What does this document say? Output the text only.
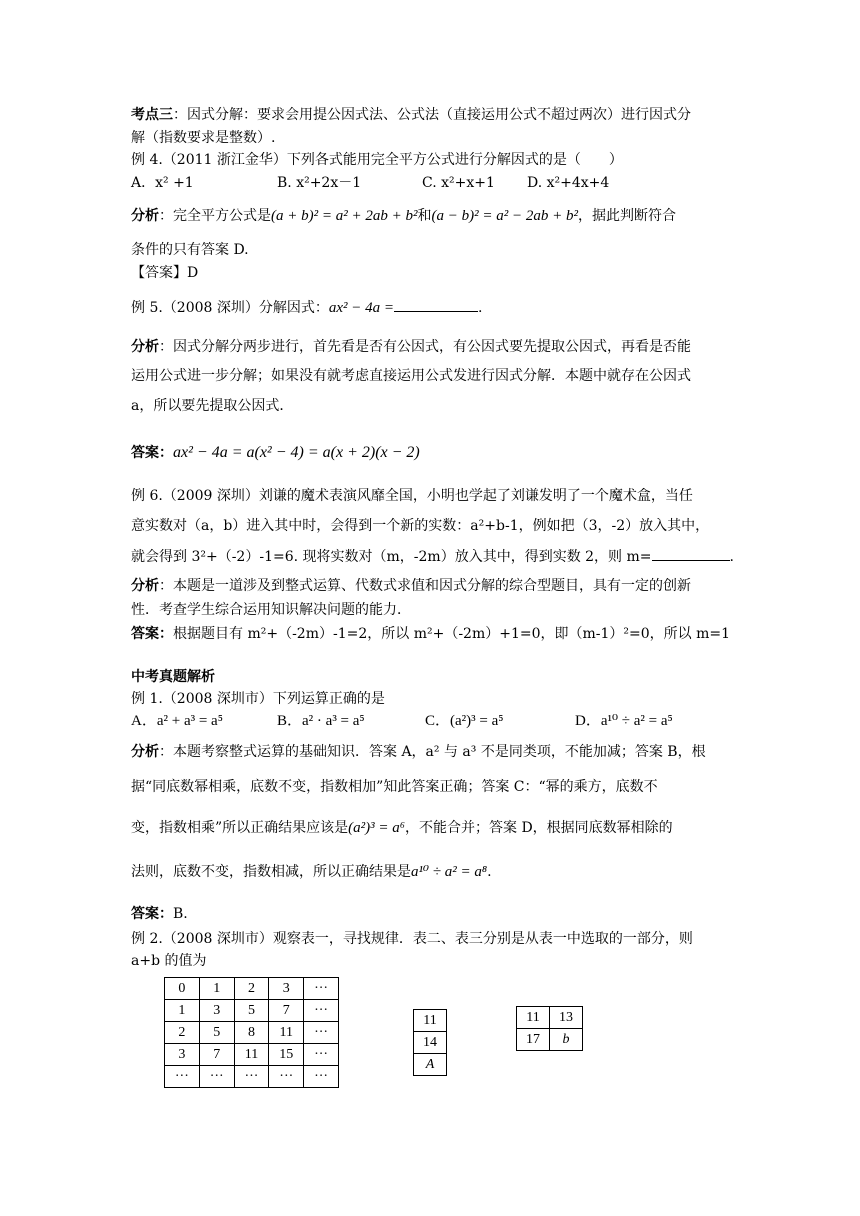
考点三：因式分解：要求会用提公因式法、公式法（直接运用公式不超过两次）进行因式分
解（指数要求是整数）.
例 4.（2011 浙江金华）下列各式能用完全平方公式进行分解因式的是（　　）
A．x² +1	B. x²+2x－1	C. x²+x+1 D. x²+4x+4
分析：完全平方公式是(a + b)² = a² + 2ab + b²和(a − b)² = a² − 2ab + b²，据此判断符合
条件的只有答案 D.
【答案】D
例 5.（2008 深圳）分解因式：ax² − 4a =	.
分析：因式分解分两步进行，首先看是否有公因式，有公因式要先提取公因式，再看是否能
运用公式进一步分解；如果没有就考虑直接运用公式发进行因式分解．本题中就存在公因式
a，所以要先提取公因式．
答案：ax² − 4a = a(x² − 4) = a(x + 2)(x − 2)
例 6.（2009 深圳）刘谦的魔术表演风靡全国，小明也学起了刘谦发明了一个魔术盒，当任
意实数对（a，b）进入其中时，会得到一个新的实数：a²+b-1，例如把（3，-2）放入其中，
就会得到 3²+（-2）-1=6. 现将实数对（m，-2m）放入其中，得到实数 2，则 m=	.
分析：本题是一道涉及到整式运算、代数式求值和因式分解的综合型题目，具有一定的创新
性．考查学生综合运用知识解决问题的能力．
答案：根据题目有 m²+（-2m）-1=2，所以 m²+（-2m）+1=0，即（m-1）²=0，所以 m=1
中考真题解析
例 1.（2008 深圳市）下列运算正确的是
A．a² + a³ = a⁵	B．a² · a³ = a⁵	C．(a²)³ = a⁵	D．a¹⁰ ÷ a² = a⁵
分析：本题考察整式运算的基础知识．答案 A，a² 与 a³ 不是同类项，不能加减；答案 B，根
据“同底数幂相乘，底数不变，指数相加”知此答案正确；答案 C：“幂的乘方，底数不
变，指数相乘”所以正确结果应该是(a²)³ = a⁶，不能合并；答案 D，根据同底数幂相除的
法则，底数不变，指数相减，所以正确结果是a¹⁰ ÷ a² = a⁸.
答案：B.
例 2.（2008 深圳市）观察表一，寻找规律．表二、表三分别是从表一中选取的一部分，则
a+b 的值为
0	1	2	3	···
1	3	5	7	···
2	5	8	11	···
3	7	11	15	···
···	···	···	···	···
11
14
A
11	13
17	b
